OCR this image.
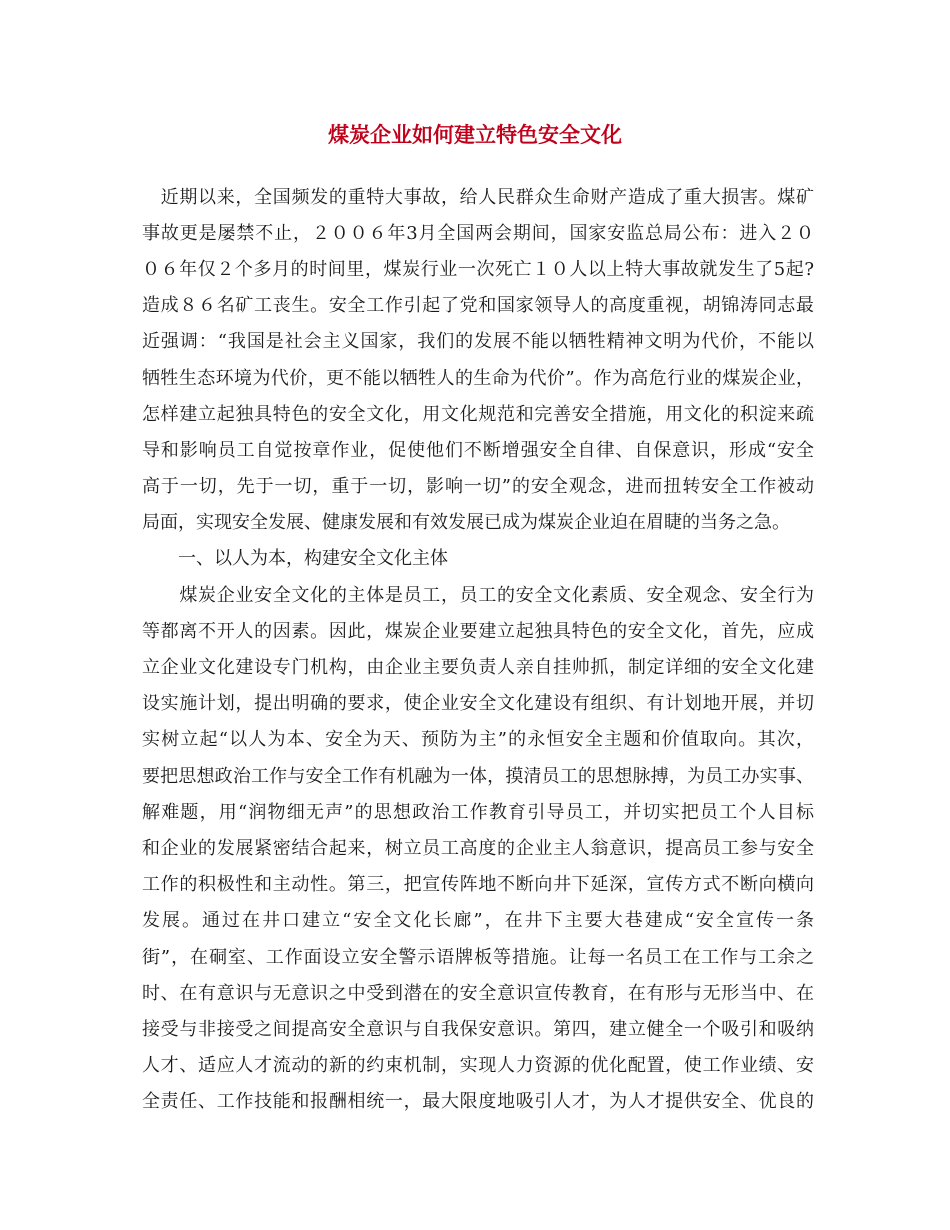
煤炭企业如何建立特色安全文化
　近期以来，全国频发的重特大事故，给人民群众生命财产造成了重大损害。煤矿
事故更是屡禁不止，２００６年3月全国两会期间，国家安监总局公布：进入２０
０６年仅２个多月的时间里，煤炭行业一次死亡１０人以上特大事故就发生了5起?
造成８６名矿工丧生。安全工作引起了党和国家领导人的高度重视，胡锦涛同志最
近强调：“我国是社会主义国家，我们的发展不能以牺牲精神文明为代价，不能以
牺牲生态环境为代价，更不能以牺牲人的生命为代价”。作为高危行业的煤炭企业，
怎样建立起独具特色的安全文化，用文化规范和完善安全措施，用文化的积淀来疏
导和影响员工自觉按章作业，促使他们不断增强安全自律、自保意识，形成“安全
高于一切，先于一切，重于一切，影响一切”的安全观念，进而扭转安全工作被动
局面，实现安全发展、健康发展和有效发展已成为煤炭企业迫在眉睫的当务之急。
　　一、以人为本，构建安全文化主体
　　煤炭企业安全文化的主体是员工，员工的安全文化素质、安全观念、安全行为
等都离不开人的因素。因此，煤炭企业要建立起独具特色的安全文化，首先，应成
立企业文化建设专门机构，由企业主要负责人亲自挂帅抓，制定详细的安全文化建
设实施计划，提出明确的要求，使企业安全文化建设有组织、有计划地开展，并切
实树立起“以人为本、安全为天、预防为主”的永恒安全主题和价值取向。其次，
要把思想政治工作与安全工作有机融为一体，摸清员工的思想脉搏，为员工办实事、
解难题，用“润物细无声”的思想政治工作教育引导员工，并切实把员工个人目标
和企业的发展紧密结合起来，树立员工高度的企业主人翁意识，提高员工参与安全
工作的积极性和主动性。第三，把宣传阵地不断向井下延深，宣传方式不断向横向
发展。通过在井口建立“安全文化长廊”，在井下主要大巷建成“安全宣传一条
街”，在硐室、工作面设立安全警示语牌板等措施。让每一名员工在工作与工余之
时、在有意识与无意识之中受到潜在的安全意识宣传教育，在有形与无形当中、在
接受与非接受之间提高安全意识与自我保安意识。第四，建立健全一个吸引和吸纳
人才、适应人才流动的新的约束机制，实现人力资源的优化配置，使工作业绩、安
全责任、工作技能和报酬相统一，最大限度地吸引人才，为人才提供安全、优良的
